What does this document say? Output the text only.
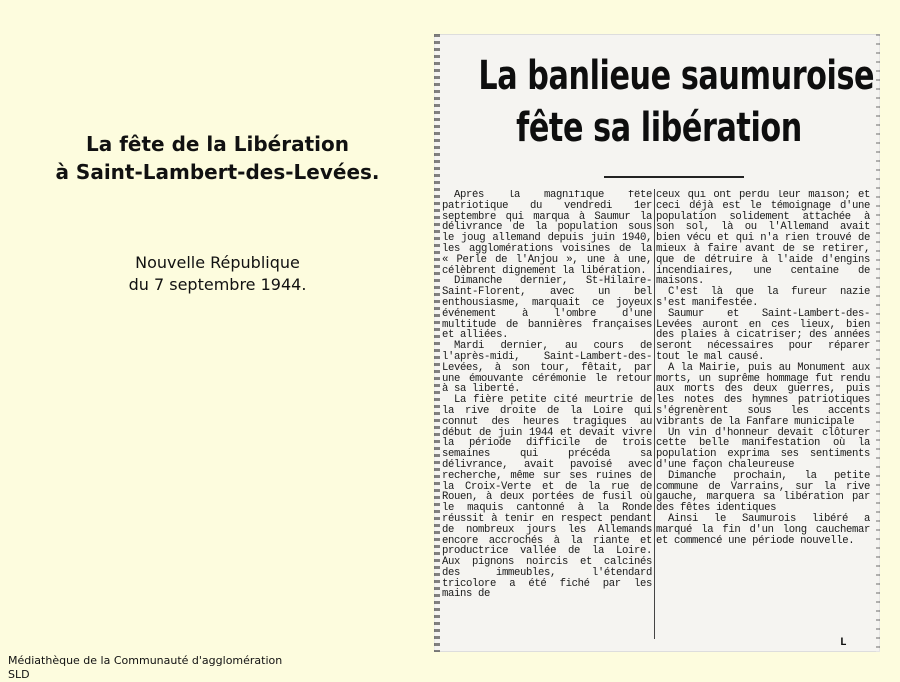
La fête de la Libération
à Saint-Lambert-des-Levées.
Nouvelle République
du 7 septembre 1944.
La banlieue saumuroise
fête sa libération

Après la magnifique fête patriotique du vendredi 1er septembre qui marqua à Saumur la délivrance de la population sous le joug allemand depuis juin 1940, les agglomérations voisines de la « Perle de l'Anjou », une à une, célèbrent dignement la libération.

Dimanche dernier, St-Hilaire-Saint-Florent, avec un bel enthousiasme, marquait ce joyeux événement à l'ombre d'une multitude de bannières françaises et alliées.

Mardi dernier, au cours de l'après-midi, Saint-Lambert-des-Levées, à son tour, fêtait, par une émouvante cérémonie le retour à sa liberté.

La fière petite cité meurtrie de la rive droite de la Loire qui connut des heures tragiques au début de juin 1944 et devait vivre la période difficile de trois semaines qui précéda sa délivrance, avait pavoisé avec recherche, même sur ses ruines de la Croix-Verte et de la rue de Rouen, à deux portées de fusil où le maquis cantonné à la Ronde réussit à tenir en respect pendant de nombreux jours les Allemands encore accrochés à la riante et productrice vallée de la Loire. Aux pignons noircis et calcinés des immeubles, l'étendard tricolore a été fiché par les mains de

ceux qui ont perdu leur maison; et ceci déjà est le témoignage d'une population solidement attachée à son sol, là ou l'Allemand avait bien vécu et qui n'a rien trouvé de mieux à faire avant de se retirer, que de détruire à l'aide d'engins incendiaires, une centaine de maisons.

C'est là que la fureur nazie s'est manifestée.

Saumur et Saint-Lambert-des-Levées auront en ces lieux, bien des plaies à cicatriser; des années seront nécessaires pour réparer tout le mal causé.

A la Mairie, puis au Monument aux morts, un suprême hommage fut rendu aux morts des deux guerres, puis les notes des hymnes patriotiques s'égrenèrent sous les accents vibrants de la Fanfare municipale

Un vin d'honneur devait clôturer cette belle manifestation où la population exprima ses sentiments d'une façon chaleureuse

Dimanche prochain, la petite commune de Varrains, sur la rive gauche, marquera sa libération par des fêtes identiques

Ainsi le Saumurois libéré a marqué la fin d'un long cauchemar et commencé une période nouvelle.

L
Médiathèque de la Communauté d'agglomération
SLD
